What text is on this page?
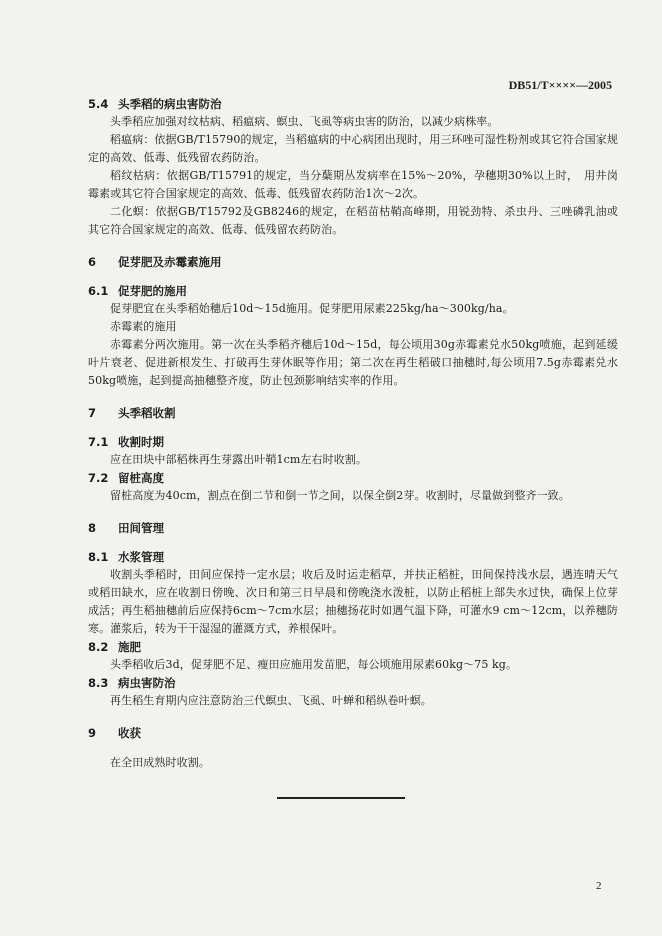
DB51/T××××—2005
5.4 头季稻的病虫害防治

头季稻应加强对纹枯病、稻瘟病、螟虫、飞虱等病虫害的防治，以减少病株率。

稻瘟病：依据GB/T15790的规定，当稻瘟病的中心病团出现时，用三环唑可湿性粉剂或其它符合国家规定的高效、低毒、低残留农药防治。

稻纹枯病：依据GB/T15791的规定，当分蘖期丛发病率在15%～20%，孕穗期30%以上时，　用井岗霉素或其它符合国家规定的高效、低毒、低残留农药防治1次～2次。

二化螟：依据GB/T15792及GB8246的规定，在稻苗枯鞘高峰期，用锐劲特、杀虫丹、三唑磷乳油或其它符合国家规定的高效、低毒、低残留农药防治。

6 促芽肥及赤霉素施用
6.1 促芽肥的施用

促芽肥宜在头季稻始穗后10d～15d施用。促芽肥用尿素225kg/ha～300kg/ha。

赤霉素的施用

赤霉素分两次施用。第一次在头季稻齐穗后10d～15d，每公顷用30g赤霉素兑水50kg喷施，起到延缓叶片衰老、促进新根发生、打破再生芽休眠等作用；第二次在再生稻破口抽穗时,每公顷用7.5g赤霉素兑水50kg喷施，起到提高抽穗整齐度，防止包颈影响结实率的作用。

7 头季稻收割
7.1 收割时期

应在田块中部稻株再生芽露出叶鞘1cm左右时收割。

7.2 留桩高度

留桩高度为40cm，割点在倒二节和倒一节之间，以保全倒2芽。收割时，尽量做到整齐一致。

8 田间管理
8.1 水浆管理

收割头季稻时，田间应保持一定水层；收后及时运走稻草，并扶正稻桩，田间保持浅水层，遇连晴天气或稻田缺水，应在收割日傍晚、次日和第三日早晨和傍晚浇水泼桩，以防止稻桩上部失水过快，确保上位芽成活；再生稻抽穗前后应保持6cm～7cm水层；抽穗扬花时如遇气温下降，可灌水9 cm～12cm，以养穗防寒。灌浆后，转为干干湿湿的灌溉方式，养根保叶。

8.2 施肥

头季稻收后3d，促芽肥不足、瘦田应施用发苗肥，每公顷施用尿素60kg～75 kg。

8.3 病虫害防治

再生稻生育期内应注意防治三代螟虫、飞虱、叶蝉和稻纵卷叶螟。

9 收获

在全田成熟时收割。

2
